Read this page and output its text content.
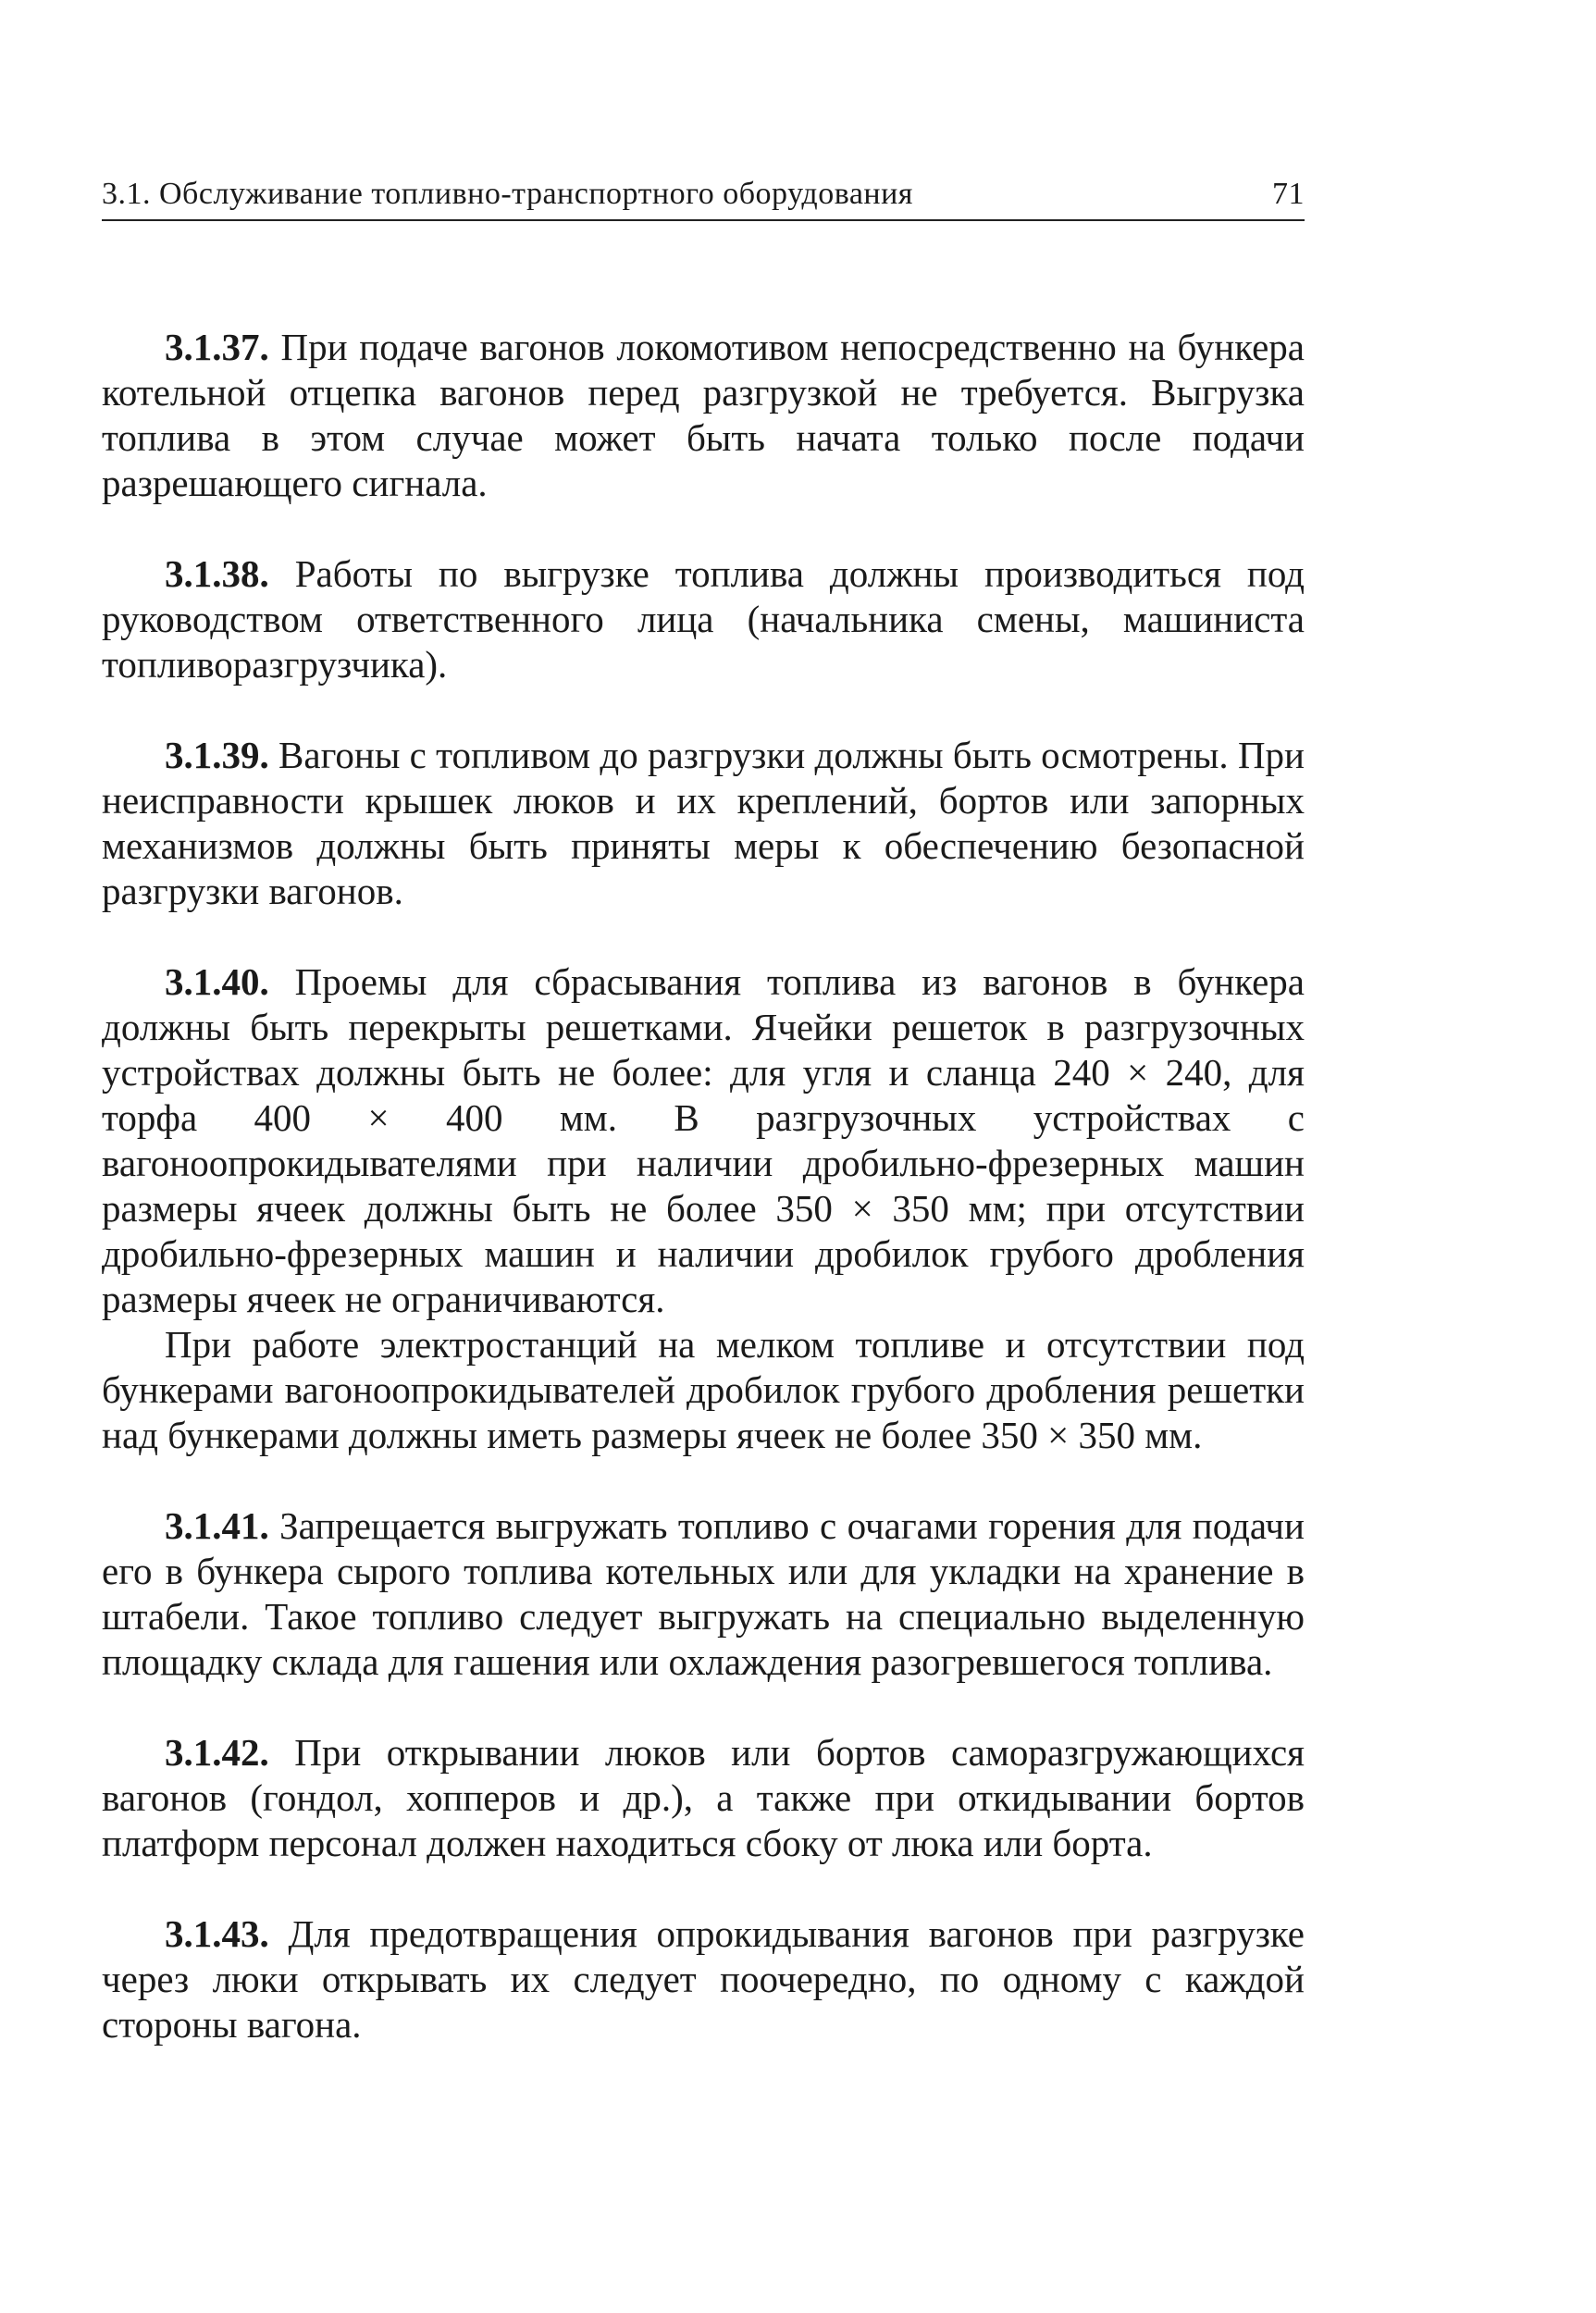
3.1. Обслуживание топливно-транспортного оборудования	71

3.1.37. При подаче вагонов локомотивом непосредственно на бункера котельной отцепка вагонов перед разгрузкой не требуется. Выгрузка топлива в этом случае может быть начата только после подачи разрешающего сигнала.

3.1.38. Работы по выгрузке топлива должны производиться под руководством ответственного лица (начальника смены, машиниста топливоразгрузчика).

3.1.39. Вагоны с топливом до разгрузки должны быть осмотрены. При неисправности крышек люков и их креплений, бортов или запорных механизмов должны быть приняты меры к обеспечению безопасной разгрузки вагонов.

3.1.40. Проемы для сбрасывания топлива из вагонов в бункера должны быть перекрыты решетками. Ячейки решеток в разгрузочных устройствах должны быть не более: для угля и сланца 240 × 240, для торфа 400 × 400 мм. В разгрузочных устройствах с вагоноопрокидывателями при наличии дробильно-фрезерных машин размеры ячеек должны быть не более 350 × 350 мм; при отсутствии дробильно-фрезерных машин и наличии дробилок грубого дробления размеры ячеек не ограничиваются.

При работе электростанций на мелком топливе и отсутствии под бункерами вагоноопрокидывателей дробилок грубого дробления решетки над бункерами должны иметь размеры ячеек не более 350 × 350 мм.

3.1.41. Запрещается выгружать топливо с очагами горения для подачи его в бункера сырого топлива котельных или для укладки на хранение в штабели. Такое топливо следует выгружать на специально выделенную площадку склада для гашения или охлаждения разогревшегося топлива.

3.1.42. При открывании люков или бортов саморазгружающихся вагонов (гондол, хопперов и др.), а также при откидывании бортов платформ персонал должен находиться сбоку от люка или борта.

3.1.43. Для предотвращения опрокидывания вагонов при разгрузке через люки открывать их следует поочередно, по одному с каждой стороны вагона.
